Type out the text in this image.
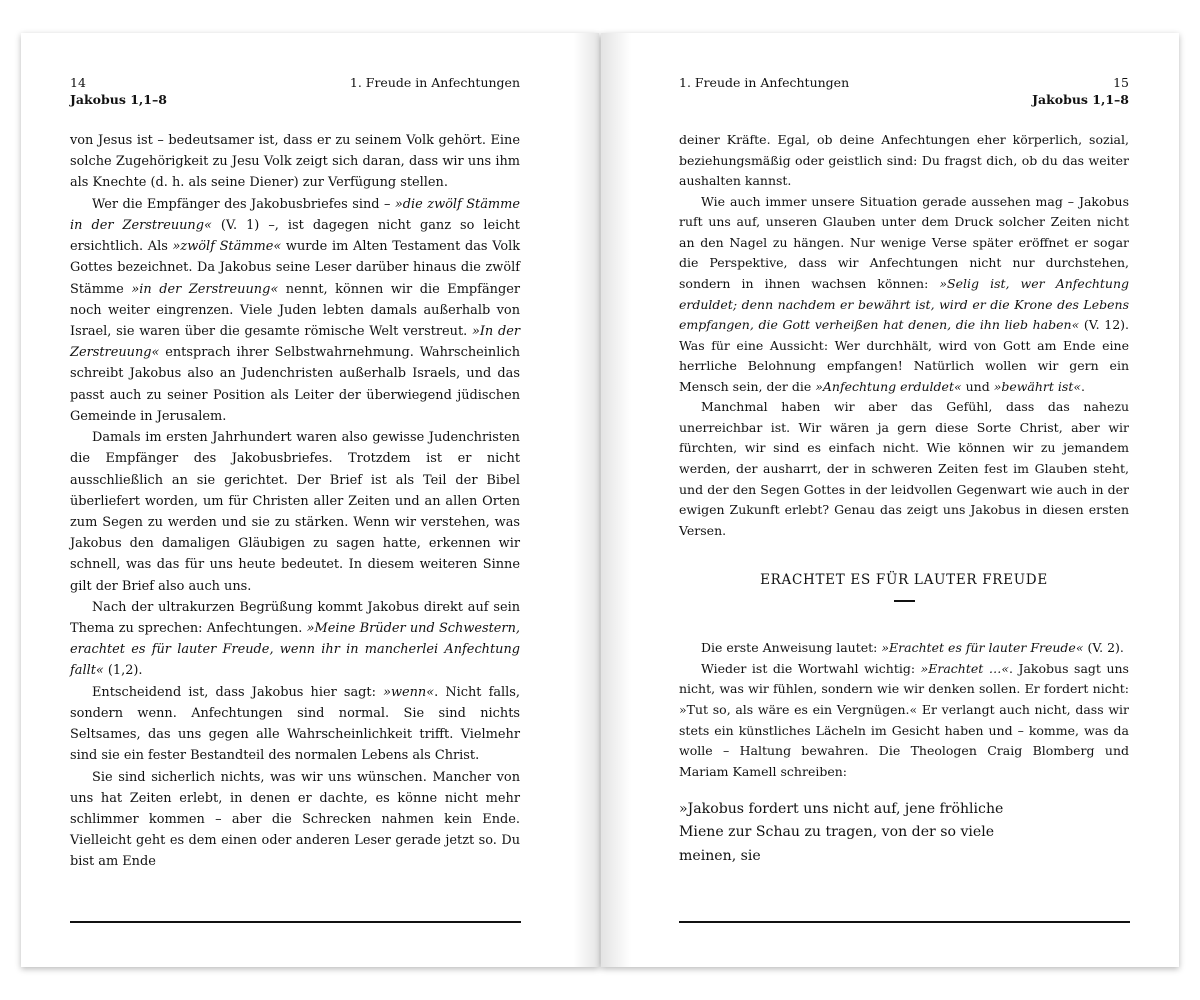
14	1. Freude in Anfechtungen
Jakobus 1,1–8

von Jesus ist – bedeutsamer ist, dass er zu seinem Volk gehört. Eine solche Zugehörigkeit zu Jesu Volk zeigt sich daran, dass wir uns ihm als Knechte (d. h. als seine Diener) zur Verfügung stellen.

Wer die Empfänger des Jakobusbriefes sind – »die zwölf Stämme in der Zerstreuung« (V. 1) –, ist dagegen nicht ganz so leicht ersichtlich. Als »zwölf Stämme« wurde im Alten Testament das Volk Gottes bezeichnet. Da Jakobus seine Leser darüber hinaus die zwölf Stämme »in der Zerstreuung« nennt, können wir die Empfänger noch weiter eingrenzen. Viele Juden lebten damals außerhalb von Israel, sie waren über die gesamte römische Welt verstreut. »In der Zerstreuung« entsprach ihrer Selbstwahrnehmung. Wahrscheinlich schreibt Jakobus also an Judenchristen außerhalb Israels, und das passt auch zu seiner Position als Leiter der überwiegend jüdischen Gemeinde in Jerusalem.

Damals im ersten Jahrhundert waren also gewisse Judenchristen die Empfänger des Jakobusbriefes. Trotzdem ist er nicht ausschließlich an sie gerichtet. Der Brief ist als Teil der Bibel überliefert worden, um für Christen aller Zeiten und an allen Orten zum Segen zu werden und sie zu stärken. Wenn wir verstehen, was Jakobus den damaligen Gläubigen zu sagen hatte, erkennen wir schnell, was das für uns heute bedeutet. In diesem weiteren Sinne gilt der Brief also auch uns.

Nach der ultrakurzen Begrüßung kommt Jakobus direkt auf sein Thema zu sprechen: Anfechtungen. »Meine Brüder und Schwestern, erachtet es für lauter Freude, wenn ihr in mancherlei Anfechtung fallt« (1,2).

Entscheidend ist, dass Jakobus hier sagt: »wenn«. Nicht falls, sondern wenn. Anfechtungen sind normal. Sie sind nichts Seltsames, das uns gegen alle Wahrscheinlichkeit trifft. Vielmehr sind sie ein fester Bestandteil des normalen Lebens als Christ.

Sie sind sicherlich nichts, was wir uns wünschen. Mancher von uns hat Zeiten erlebt, in denen er dachte, es könne nicht mehr schlimmer kommen – aber die Schrecken nahmen kein Ende. Vielleicht geht es dem einen oder anderen Leser gerade jetzt so. Du bist am Ende

1. Freude in Anfechtungen	15
Jakobus 1,1–8

deiner Kräfte. Egal, ob deine Anfechtungen eher körperlich, sozial, beziehungsmäßig oder geistlich sind: Du fragst dich, ob du das weiter aushalten kannst.

Wie auch immer unsere Situation gerade aussehen mag – Jakobus ruft uns auf, unseren Glauben unter dem Druck solcher Zeiten nicht an den Nagel zu hängen. Nur wenige Verse später eröffnet er sogar die Perspektive, dass wir Anfechtungen nicht nur durchstehen, sondern in ihnen wachsen können: »Selig ist, wer Anfechtung erduldet; denn nachdem er bewährt ist, wird er die Krone des Lebens empfangen, die Gott verheißen hat denen, die ihn lieb haben« (V. 12). Was für eine Aussicht: Wer durchhält, wird von Gott am Ende eine herrliche Belohnung empfangen! Natürlich wollen wir gern ein Mensch sein, der die »Anfechtung erduldet« und »bewährt ist«.

Manchmal haben wir aber das Gefühl, dass das nahezu unerreichbar ist. Wir wären ja gern diese Sorte Christ, aber wir fürchten, wir sind es einfach nicht. Wie können wir zu jemandem werden, der ausharrt, der in schweren Zeiten fest im Glauben steht, und der den Segen Gottes in der leidvollen Gegenwart wie auch in der ewigen Zukunft erlebt? Genau das zeigt uns Jakobus in diesen ersten Versen.

ERACHTET ES FÜR LAUTER FREUDE

Die erste Anweisung lautet: »Erachtet es für lauter Freude« (V. 2).

Wieder ist die Wortwahl wichtig: »Erachtet …«. Jakobus sagt uns nicht, was wir fühlen, sondern wie wir denken sollen. Er fordert nicht: »Tut so, als wäre es ein Vergnügen.« Er verlangt auch nicht, dass wir stets ein künstliches Lächeln im Gesicht haben und – komme, was da wolle – Haltung bewahren. Die Theologen Craig Blomberg und Mariam Kamell schreiben:

»Jakobus fordert uns nicht auf, jene fröhliche Miene zur Schau zu tragen, von der so viele meinen, sie
